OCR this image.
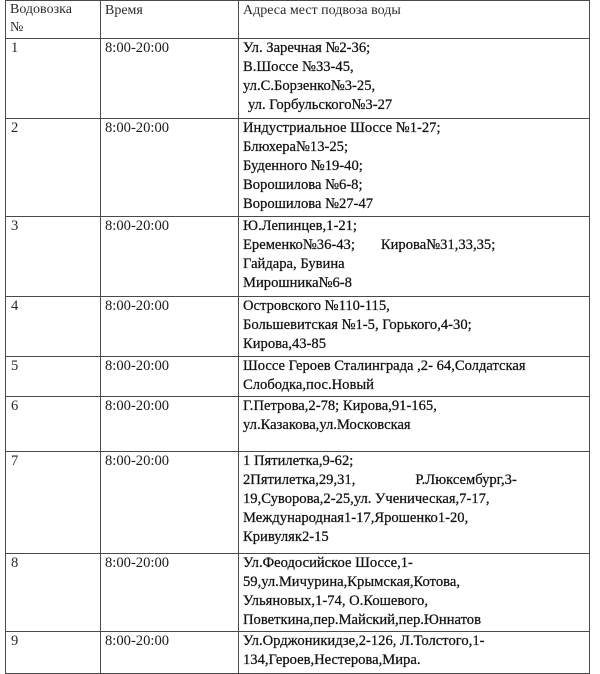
Водовозка
№	Время	Адреса мест подвоза воды
1	8:00-20:00	Ул. Заречная №2-36;
В.Шоссе №33-45,
ул.С.Борзенко№3-25,
ул. Горбульского№3-27

2	8:00-20:00	Индустриальное Шоссе №1-27;
Блюхера№13-25;
Буденного №19-40;
Ворошилова №6-8;
Ворошилова №27-47

3	8:00-20:00	Ю.Лепинцев,1-21;
Еременко№36-43; Кирова№31,33,35;
Гайдара, Бувина
Мирошника№6-8

4	8:00-20:00	Островского №110-115,
Большевитская №1-5, Горького,4-30;
Кирова,43-85

5	8:00-20:00	Шоссе Героев Сталинграда ,2- 64,Солдатская
Слободка,пос.Новый

6	8:00-20:00	Г.Петрова,2-78; Кирова,91-165,
ул.Казакова,ул.Московская

7	8:00-20:00	1 Пятилетка,9-62;
2Пятилетка,29,31, Р.Люксембург,3-
19,Суворова,2-25,ул. Ученическая,7-17,
Международная1-17,Ярошенко1-20,
Кривуляк2-15

8	8:00-20:00	Ул.Феодосийское Шоссе,1-
59,ул.Мичурина,Крымская,Котова,
Ульяновых,1-74, О.Кошевого,
Поветкина,пер.Майский,пер.Юннатов

9	8:00-20:00	Ул.Орджоникидзе,2-126, Л.Толстого,1-
134,Героев,Нестерова,Мира.
